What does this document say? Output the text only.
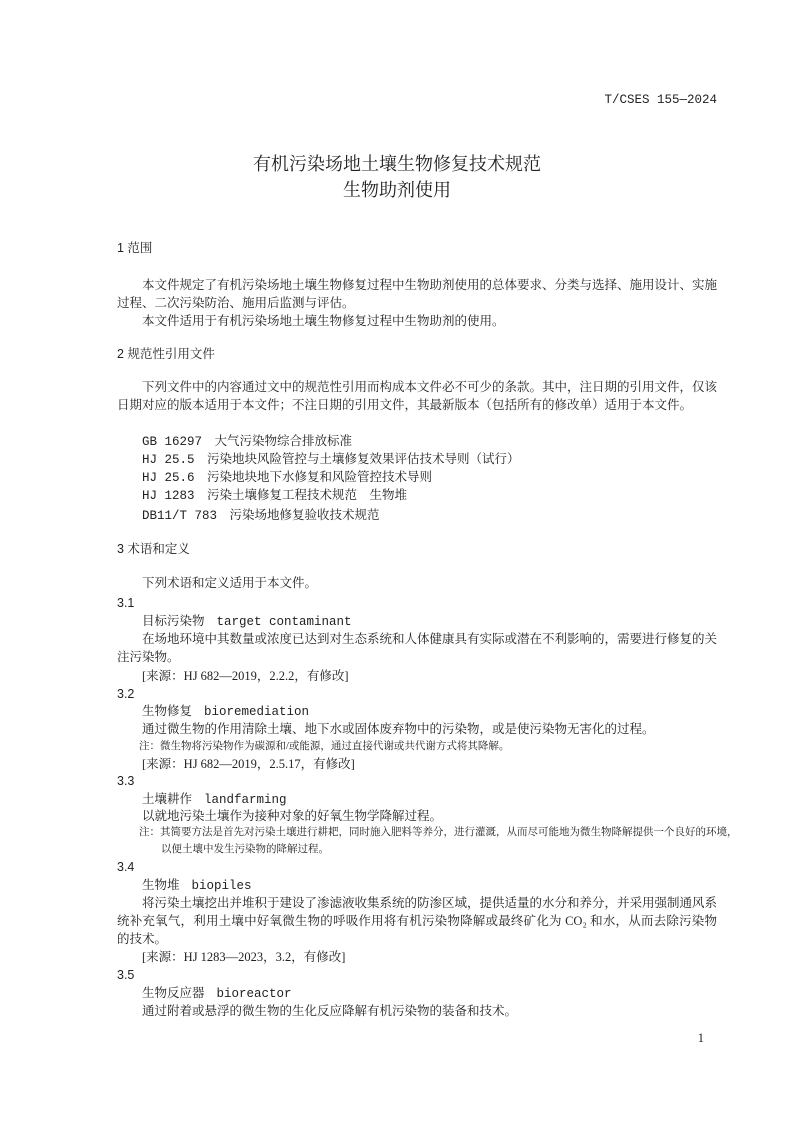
T/CSES 155—2024
有机污染场地土壤生物修复技术规范
生物助剂使用
1 范围
本文件规定了有机污染场地土壤生物修复过程中生物助剂使用的总体要求、分类与选择、施用设计、实施过程、二次污染防治、施用后监测与评估。
本文件适用于有机污染场地土壤生物修复过程中生物助剂的使用。
2 规范性引用文件
下列文件中的内容通过文中的规范性引用而构成本文件必不可少的条款。其中，注日期的引用文件，仅该日期对应的版本适用于本文件；不注日期的引用文件，其最新版本（包括所有的修改单）适用于本文件。
GB 16297　 大气污染物综合排放标准
HJ 25.5　 污染地块风险管控与土壤修复效果评估技术导则（试行）
HJ 25.6　 污染地块地下水修复和风险管控技术导则
HJ 1283　 污染土壤修复工程技术规范　生物堆
DB11/T 783　 污染场地修复验收技术规范
3 术语和定义
下列术语和定义适用于本文件。
3.1
目标污染物 target contaminant
在场地环境中其数量或浓度已达到对生态系统和人体健康具有实际或潜在不利影响的，需要进行修复的关注污染物。
[来源：HJ 682—2019，2.2.2，有修改]
3.2
生物修复 bioremediation
通过微生物的作用清除土壤、地下水或固体废弃物中的污染物，或是使污染物无害化的过程。
注：微生物将污染物作为碳源和/或能源，通过直接代谢或共代谢方式将其降解。
[来源：HJ 682—2019，2.5.17，有修改]
3.3
土壤耕作 landfarming
以就地污染土壤作为接种对象的好氧生物学降解过程。
注：其简要方法是首先对污染土壤进行耕耙，同时施入肥料等养分，进行灌溉，从而尽可能地为微生物降解提供一个良好的环境，以便土壤中发生污染物的降解过程。
3.4
生物堆 biopiles
将污染土壤挖出并堆积于建设了渗滤液收集系统的防渗区域，提供适量的水分和养分，并采用强制通风系统补充氧气，利用土壤中好氧微生物的呼吸作用将有机污染物降解或最终矿化为 CO₂ 和水，从而去除污染物的技术。
[来源：HJ 1283—2023，3.2，有修改]
3.5
生物反应器 bioreactor
通过附着或悬浮的微生物的生化反应降解有机污染物的装备和技术。
1
